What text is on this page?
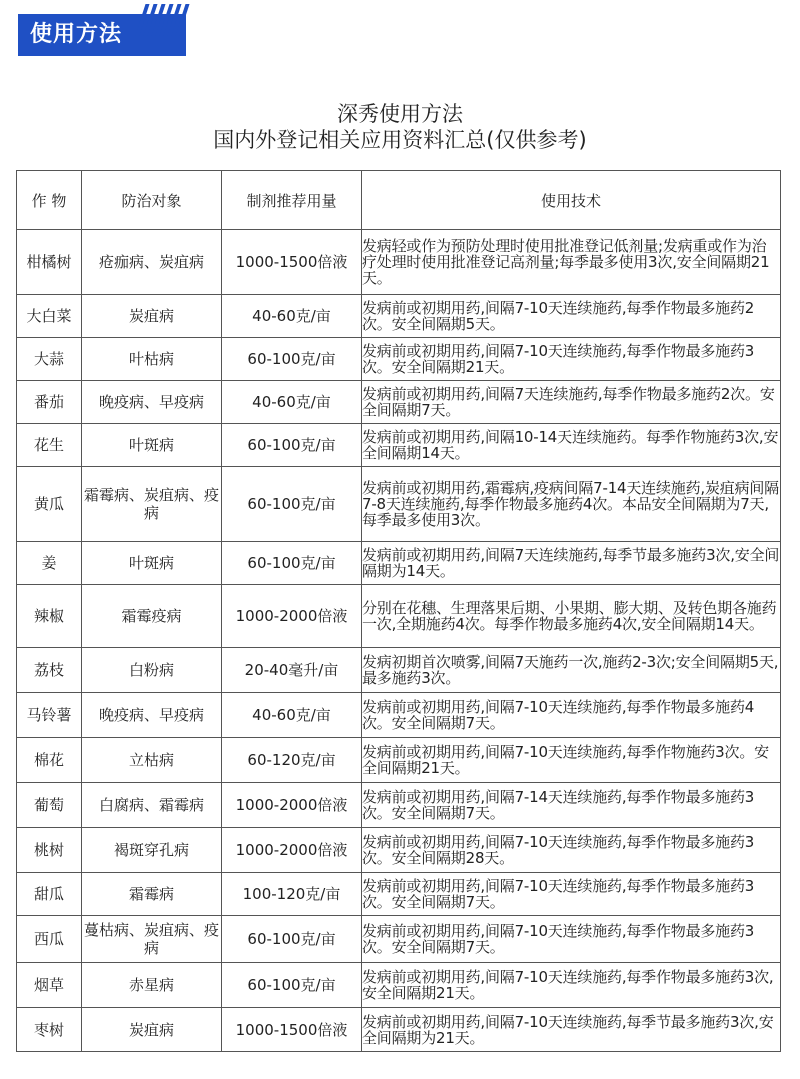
使用方法
深秀使用方法
国内外登记相关应用资料汇总(仅供参考)
作 物	防治对象	制剂推荐用量	使用技术
柑橘树	疮痂病、炭疽病	1000-1500倍液	发病轻或作为预防处理时使用批准登记低剂量;发病重或作为治疗处理时使用批准登记高剂量;每季最多使用3次,安全间隔期21天。
大白菜	炭疽病	40-60克/亩	发病前或初期用药,间隔7-10天连续施药,每季作物最多施药2次。安全间隔期5天。
大蒜	叶枯病	60-100克/亩	发病前或初期用药,间隔7-10天连续施药,每季作物最多施药3次。安全间隔期21天。
番茄	晚疫病、早疫病	40-60克/亩	发病前或初期用药,间隔7天连续施药,每季作物最多施药2次。安全间隔期7天。
花生	叶斑病	60-100克/亩	发病前或初期用药,间隔10-14天连续施药。每季作物施药3次,安全间隔期14天。
黄瓜	霜霉病、炭疽病、疫病	60-100克/亩	发病前或初期用药,霜霉病,疫病间隔7-14天连续施药,炭疽病间隔7-8天连续施药,每季作物最多施药4次。本品安全间隔期为7天,每季最多使用3次。
姜	叶斑病	60-100克/亩	发病前或初期用药,间隔7天连续施药,每季节最多施药3次,安全间隔期为14天。
辣椒	霜霉疫病	1000-2000倍液	分别在花穗、生理落果后期、小果期、膨大期、及转色期各施药一次,全期施药4次。每季作物最多施药4次,安全间隔期14天。
荔枝	白粉病	20-40毫升/亩	发病初期首次喷雾,间隔7天施药一次,施药2-3次;安全间隔期5天,最多施药3次。
马铃薯	晚疫病、早疫病	40-60克/亩	发病前或初期用药,间隔7-10天连续施药,每季作物最多施药4次。安全间隔期7天。
棉花	立枯病	60-120克/亩	发病前或初期用药,间隔7-10天连续施药,每季作物施药3次。安全间隔期21天。
葡萄	白腐病、霜霉病	1000-2000倍液	发病前或初期用药,间隔7-14天连续施药,每季作物最多施药3次。安全间隔期7天。
桃树	褐斑穿孔病	1000-2000倍液	发病前或初期用药,间隔7-10天连续施药,每季作物最多施药3次。安全间隔期28天。
甜瓜	霜霉病	100-120克/亩	发病前或初期用药,间隔7-10天连续施药,每季作物最多施药3次。安全间隔期7天。
西瓜	蔓枯病、炭疽病、疫病	60-100克/亩	发病前或初期用药,间隔7-10天连续施药,每季作物最多施药3次。安全间隔期7天。
烟草	赤星病	60-100克/亩	发病前或初期用药,间隔7-10天连续施药,每季作物最多施药3次,安全间隔期21天。
枣树	炭疽病	1000-1500倍液	发病前或初期用药,间隔7-10天连续施药,每季节最多施药3次,安全间隔期为21天。
